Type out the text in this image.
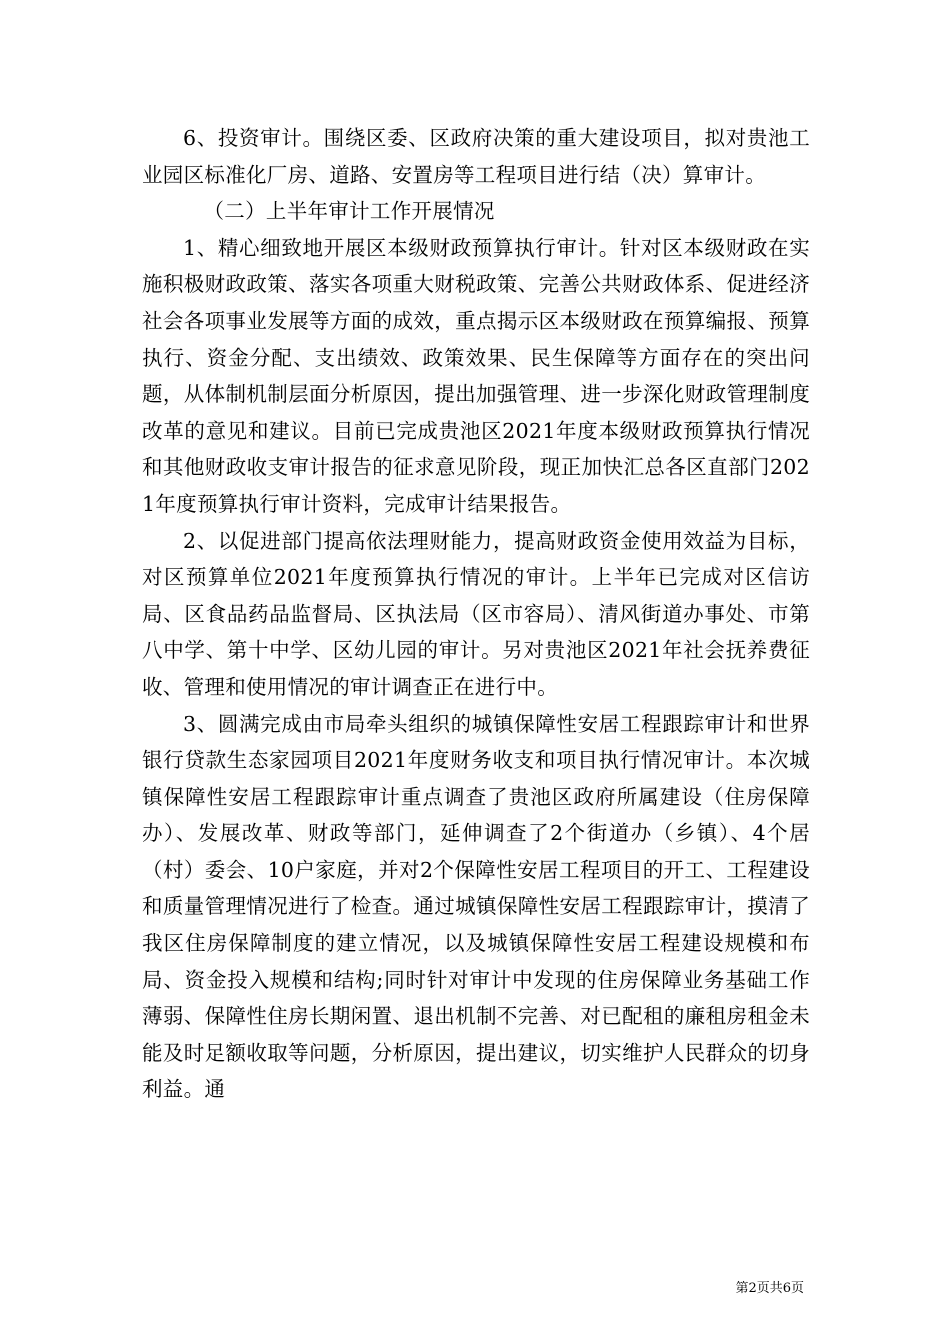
6、投资审计。围绕区委、区政府决策的重大建设项目，拟对贵池工业园区标准化厂房、道路、安置房等工程项目进行结（决）算审计。

（二）上半年审计工作开展情况

1、精心细致地开展区本级财政预算执行审计。针对区本级财政在实施积极财政政策、落实各项重大财税政策、完善公共财政体系、促进经济社会各项事业发展等方面的成效，重点揭示区本级财政在预算编报、预算执行、资金分配、支出绩效、政策效果、民生保障等方面存在的突出问题，从体制机制层面分析原因，提出加强管理、进一步深化财政管理制度改革的意见和建议。目前已完成贵池区2021年度本级财政预算执行情况和其他财政收支审计报告的征求意见阶段，现正加快汇总各区直部门2021年度预算执行审计资料，完成审计结果报告。

2、以促进部门提高依法理财能力，提高财政资金使用效益为目标，对区预算单位2021年度预算执行情况的审计。上半年已完成对区信访局、区食品药品监督局、区执法局（区市容局）、清风街道办事处、市第八中学、第十中学、区幼儿园的审计。另对贵池区2021年社会抚养费征收、管理和使用情况的审计调查正在进行中。

3、圆满完成由市局牵头组织的城镇保障性安居工程跟踪审计和世界银行贷款生态家园项目2021年度财务收支和项目执行情况审计。本次城镇保障性安居工程跟踪审计重点调查了贵池区政府所属建设（住房保障办）、发展改革、财政等部门，延伸调查了2个街道办（乡镇）、4个居（村）委会、10户家庭，并对2个保障性安居工程项目的开工、工程建设和质量管理情况进行了检查。通过城镇保障性安居工程跟踪审计，摸清了我区住房保障制度的建立情况，以及城镇保障性安居工程建设规模和布局、资金投入规模和结构;同时针对审计中发现的住房保障业务基础工作薄弱、保障性住房长期闲置、退出机制不完善、对已配租的廉租房租金未能及时足额收取等问题，分析原因，提出建议，切实维护人民群众的切身利益。通

第2页共6页
